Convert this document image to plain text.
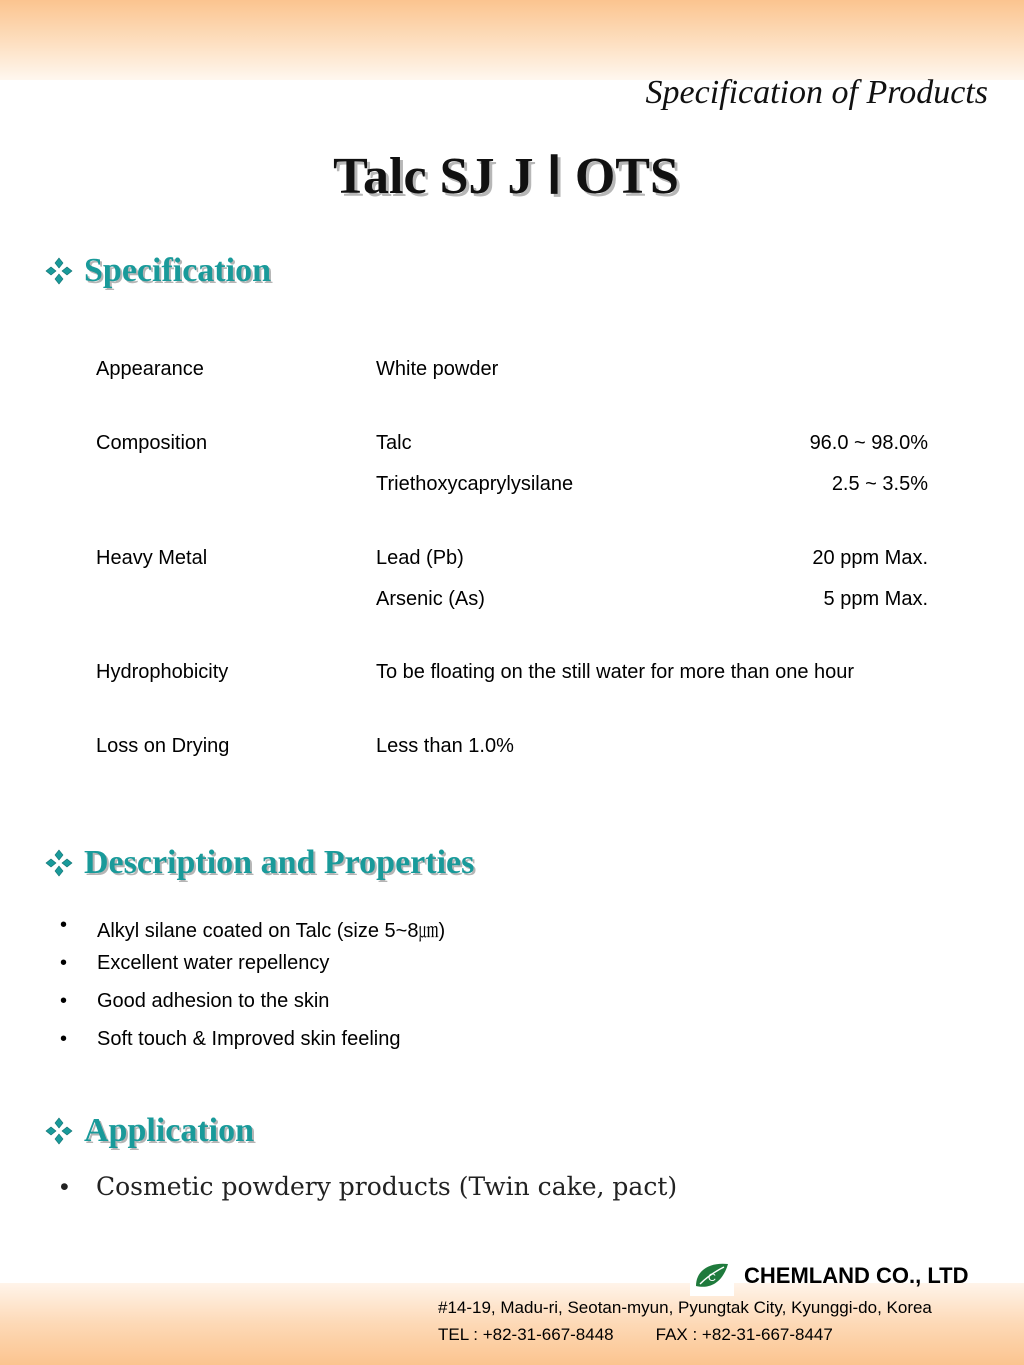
Specification of Products
Talc SJ J Ⅰ OTS
Specification
Appearance	White powder
Composition	Talc	96.0 ~ 98.0%
Triethoxycaprylysilane	2.5 ~ 3.5%
Heavy Metal	Lead (Pb)	20 ppm Max.
Arsenic (As)	5 ppm Max.
Hydrophobicity	To be floating on the still water for more than one hour
Loss on Drying	Less than 1.0%
Description and Properties
• Alkyl silane coated on Talc (size 5~8㎛)
• Excellent water repellency
• Good adhesion to the skin
• Soft touch & Improved skin feeling
Application
• Cosmetic powdery products (Twin cake, pact)
C CHEMLAND CO., LTD
#14-19, Madu-ri, Seotan-myun, Pyungtak City, Kyunggi-do, Korea
TEL : +82-31-667-8448 FAX : +82-31-667-8447
